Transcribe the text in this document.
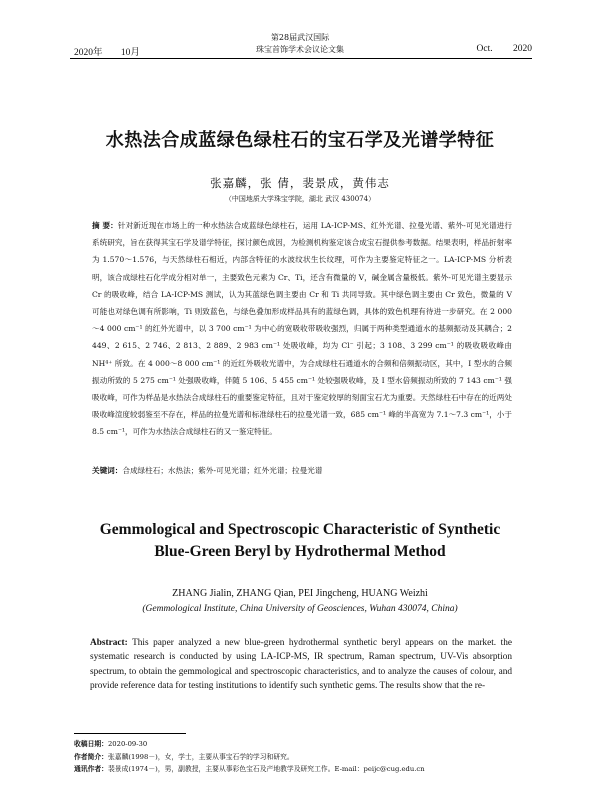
2020年 10月
第28届武汉国际
珠宝首饰学术会议论文集	Oct. 2020
水热法合成蓝绿色绿柱石的宝石学及光谱学特征
张嘉麟，张 倩，裴景成，黄伟志
（中国地质大学珠宝学院，湖北 武汉 430074）
摘 要：针对新近现在市场上的一种水热法合成蓝绿色绿柱石，运用 LA-ICP-MS、红外光谱、拉曼光谱、紫外-可见光谱进行系统研究，旨在获得其宝石学及谱学特征，探讨颜色成因，为检测机构鉴定该合成宝石提供参考数据。结果表明，样品折射率为 1.570～1.576，与天然绿柱石相近，内部含特征的水波纹状生长纹理，可作为主要鉴定特征之一。LA-ICP-MS 分析表明，该合成绿柱石化学成分相对单一，主要致色元素为 Cr、Ti，还含有微量的 V，碱金属含量极低。紫外-可见光谱主要显示 Cr 的吸收峰，结合 LA-ICP-MS 测试，认为其蓝绿色调主要由 Cr 和 Ti 共同导致。其中绿色调主要由 Cr 致色，微量的 V 可能也对绿色调有所影响，Ti 则致蓝色，与绿色叠加形成样品具有的蓝绿色调，具体的致色机理有待进一步研究。在 2 000～4 000 cm⁻¹ 的红外光谱中，以 3 700 cm⁻¹ 为中心的宽吸收带吸收强烈，归属于两种类型通道水的基频振动及其耦合；2 449、2 615、2 746、2 813、2 889、2 983 cm⁻¹ 处吸收峰，均为 Cl⁻ 引起；3 108、3 299 cm⁻¹ 的吸收吸收峰由 NH⁴⁺ 所致。在 4 000～8 000 cm⁻¹ 的近红外吸收光谱中，为合成绿柱石通道水的合频和倍频振动区，其中，I 型水的合频振动所致的 5 275 cm⁻¹ 处强吸收峰，伴随 5 106、5 455 cm⁻¹ 处较强吸收峰，及 I 型水倍频振动所致的 7 143 cm⁻¹ 强吸收峰，可作为样品是水热法合成绿柱石的重要鉴定特征，且对于鉴定较厚的刻面宝石尤为重要。天然绿柱石中存在的近两处吸收峰渲度较弱鉴至不存在，样品的拉曼光谱和标准绿柱石的拉曼光谱一致，685 cm⁻¹ 峰的半高宽为 7.1～7.3 cm⁻¹，小于 8.5 cm⁻¹，可作为水热法合成绿柱石的又一鉴定特征。
关键词：合成绿柱石；水热法；紫外-可见光谱；红外光谱；拉曼光谱
Gemmological and Spectroscopic Characteristic of Synthetic
Blue-Green Beryl by Hydrothermal Method
ZHANG Jialin, ZHANG Qian, PEI Jingcheng, HUANG Weizhi
(Gemmological Institute, China University of Geosciences, Wuhan 430074, China)
Abstract: This paper analyzed a new blue-green hydrothermal synthetic beryl appears on the market. the systematic research is conducted by using LA-ICP-MS, IR spectrum, Raman spectrum, UV-Vis absorption spectrum, to obtain the gemmological and spectroscopic characteristics, and to analyze the causes of colour, and provide reference data for testing institutions to identify such synthetic gems. The results show that the re-
收稿日期：2020-09-30
作者简介：张嘉麟(1998－)，女，学士，主要从事宝石学的学习和研究。
通讯作者：裴景成(1974－)，男，副教授，主要从事彩色宝石及产地教学及研究工作。E-mail：peijc@cug.edu.cn
